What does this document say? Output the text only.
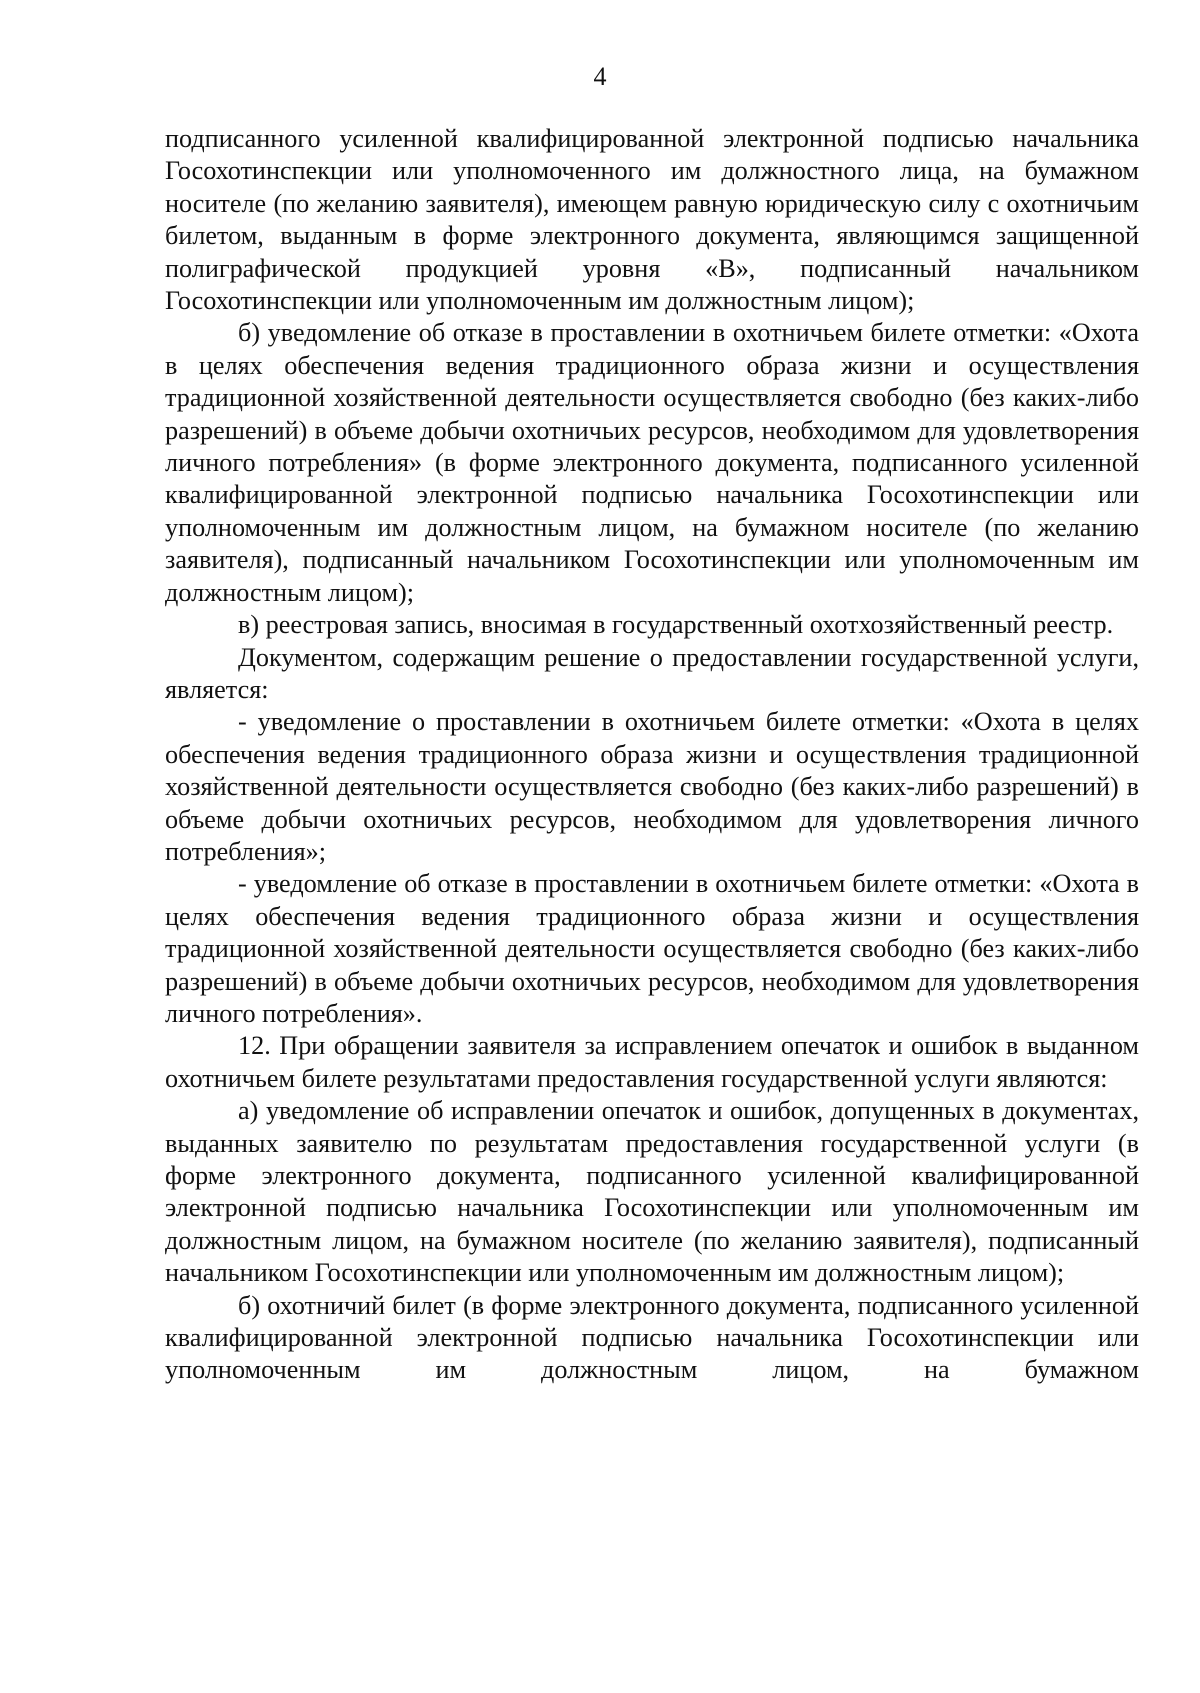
4

подписанного усиленной квалифицированной электронной подписью начальника Госохотинспекции или уполномоченного им должностного лица, на бумажном носителе (по желанию заявителя), имеющем равную юридическую силу с охотничьим билетом, выданным в форме электронного документа, являющимся защищенной полиграфической продукцией уровня «В», подписанный начальником Госохотинспекции или уполномоченным им должностным лицом);

б) уведомление об отказе в проставлении в охотничьем билете отметки: «Охота в целях обеспечения ведения традиционного образа жизни и осуществления традиционной хозяйственной деятельности осуществляется свободно (без каких-либо разрешений) в объеме добычи охотничьих ресурсов, необходимом для удовлетворения личного потребления» (в форме электронного документа, подписанного усиленной квалифицированной электронной подписью начальника Госохотинспекции или уполномоченным им должностным лицом, на бумажном носителе (по желанию заявителя), подписанный начальником Госохотинспекции или уполномоченным им должностным лицом);

в) реестровая запись, вносимая в государственный охотхозяйственный реестр.

Документом, содержащим решение о предоставлении государственной услуги, является:

- уведомление о проставлении в охотничьем билете отметки: «Охота в целях обеспечения ведения традиционного образа жизни и осуществления традиционной хозяйственной деятельности осуществляется свободно (без каких-либо разрешений) в объеме добычи охотничьих ресурсов, необходимом для удовлетворения личного потребления»;

- уведомление об отказе в проставлении в охотничьем билете отметки: «Охота в целях обеспечения ведения традиционного образа жизни и осуществления традиционной хозяйственной деятельности осуществляется свободно (без каких-либо разрешений) в объеме добычи охотничьих ресурсов, необходимом для удовлетворения личного потребления».

12. При обращении заявителя за исправлением опечаток и ошибок в выданном охотничьем билете результатами предоставления государственной услуги являются:

а) уведомление об исправлении опечаток и ошибок, допущенных в документах, выданных заявителю по результатам предоставления государственной услуги (в форме электронного документа, подписанного усиленной квалифицированной электронной подписью начальника Госохотинспекции или уполномоченным им должностным лицом, на бумажном носителе (по желанию заявителя), подписанный начальником Госохотинспекции или уполномоченным им должностным лицом);

б) охотничий билет (в форме электронного документа, подписанного усиленной квалифицированной электронной подписью начальника Госохотинспекции или уполномоченным им должностным лицом, на бумажном
